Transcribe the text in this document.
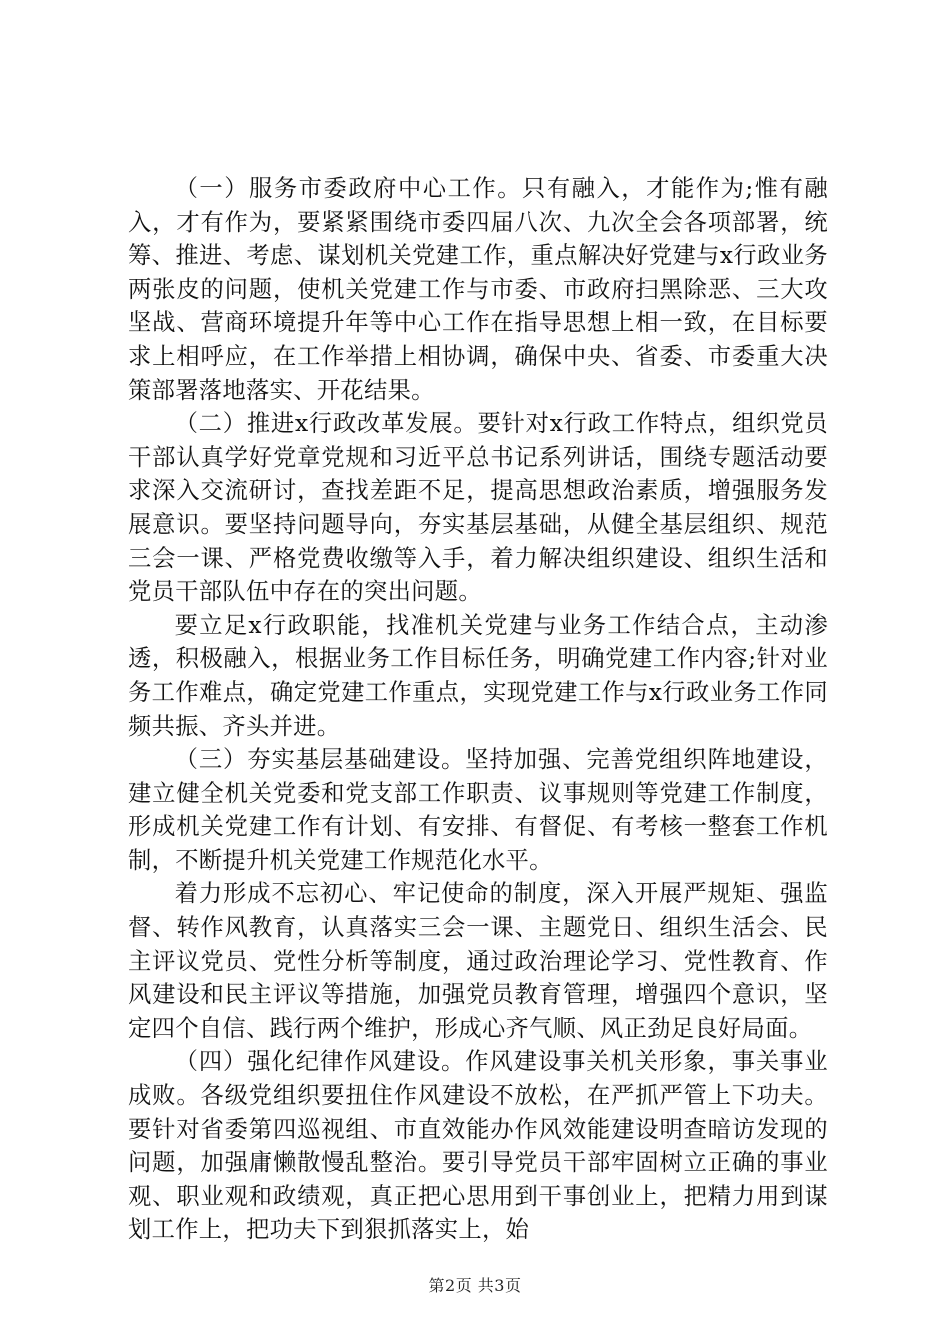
（一）服务市委政府中心工作。只有融入，才能作为;惟有融入，才有作为，要紧紧围绕市委四届八次、九次全会各项部署，统筹、推进、考虑、谋划机关党建工作，重点解决好党建与x行政业务两张皮的问题，使机关党建工作与市委、市政府扫黑除恶、三大攻坚战、营商环境提升年等中心工作在指导思想上相一致，在目标要求上相呼应，在工作举措上相协调，确保中央、省委、市委重大决策部署落地落实、开花结果。

（二）推进x行政改革发展。要针对x行政工作特点，组织党员干部认真学好党章党规和习近平总书记系列讲话，围绕专题活动要求深入交流研讨，查找差距不足，提高思想政治素质，增强服务发展意识。要坚持问题导向，夯实基层基础，从健全基层组织、规范三会一课、严格党费收缴等入手，着力解决组织建设、组织生活和党员干部队伍中存在的突出问题。

要立足x行政职能，找准机关党建与业务工作结合点，主动渗透，积极融入，根据业务工作目标任务，明确党建工作内容;针对业务工作难点，确定党建工作重点，实现党建工作与x行政业务工作同频共振、齐头并进。

（三）夯实基层基础建设。坚持加强、完善党组织阵地建设，建立健全机关党委和党支部工作职责、议事规则等党建工作制度，形成机关党建工作有计划、有安排、有督促、有考核一整套工作机制，不断提升机关党建工作规范化水平。

着力形成不忘初心、牢记使命的制度，深入开展严规矩、强监督、转作风教育，认真落实三会一课、主题党日、组织生活会、民主评议党员、党性分析等制度，通过政治理论学习、党性教育、作风建设和民主评议等措施，加强党员教育管理，增强四个意识，坚定四个自信、践行两个维护，形成心齐气顺、风正劲足良好局面。

（四）强化纪律作风建设。作风建设事关机关形象，事关事业成败。各级党组织要扭住作风建设不放松，在严抓严管上下功夫。要针对省委第四巡视组、市直效能办作风效能建设明查暗访发现的问题，加强庸懒散慢乱整治。要引导党员干部牢固树立正确的事业观、职业观和政绩观，真正把心思用到干事创业上，把精力用到谋划工作上，把功夫下到狠抓落实上，始

第2页 共3页
